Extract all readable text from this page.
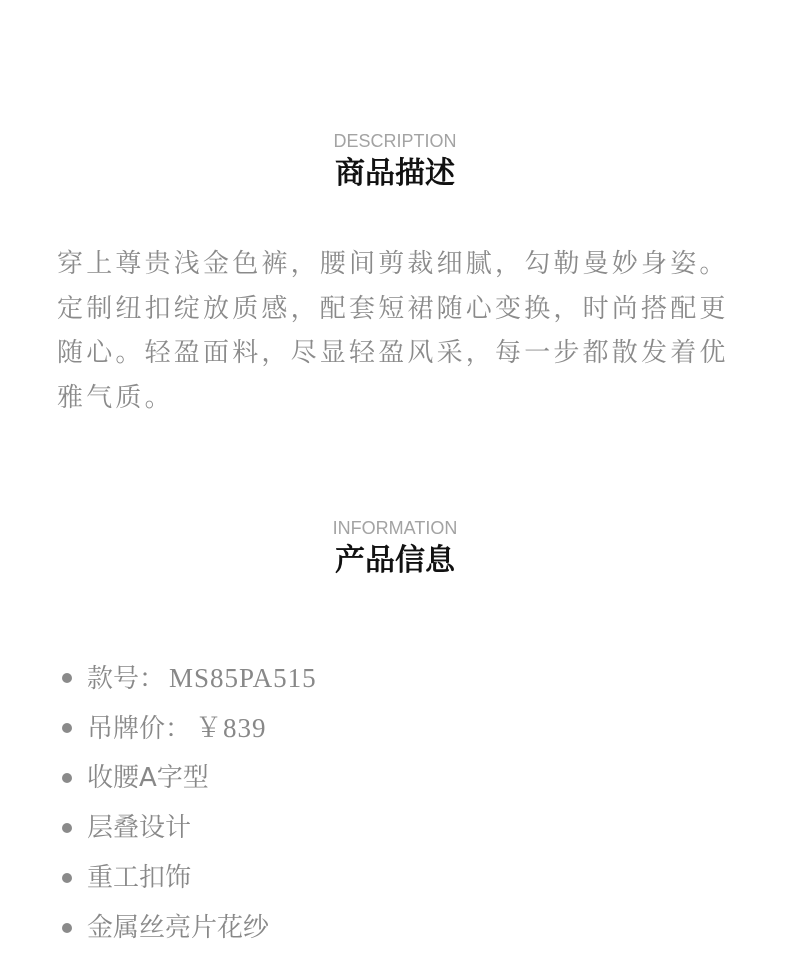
DESCRIPTION
商品描述

穿上尊贵浅金色裤，腰间剪裁细腻，勾勒曼妙身姿。定制纽扣绽放质感，配套短裙随心变换，时尚搭配更随心。轻盈面料，尽显轻盈风采，每一步都散发着优雅气质。

INFORMATION
产品信息
款号： MS85PA515
吊牌价： ￥839
收腰A字型
层叠设计
重工扣饰
金属丝亮片花纱
